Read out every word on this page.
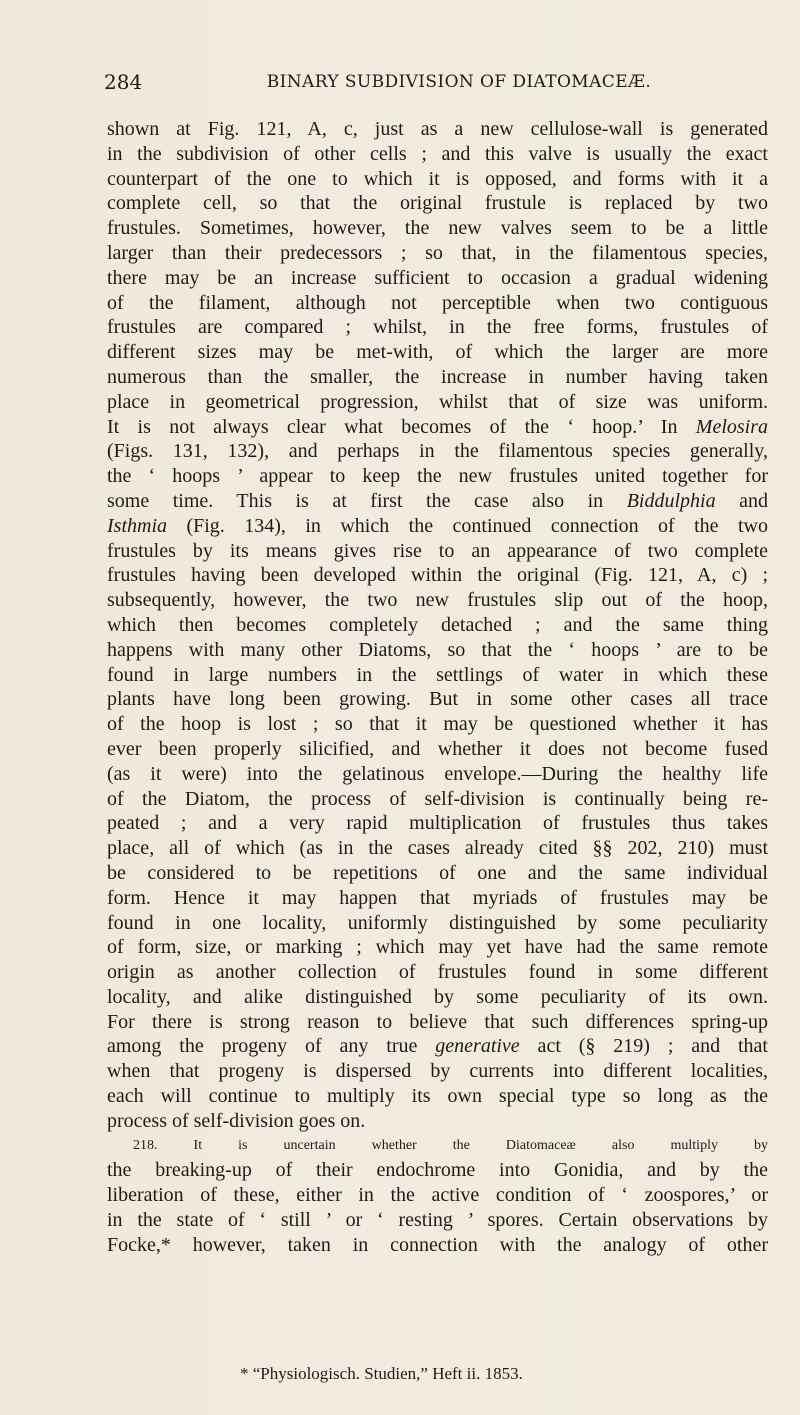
284	BINARY SUBDIVISION OF DIATOMACEÆ.
shown at Fig. 121, A, c, just as a new cellulose-wall is generated
in the subdivision of other cells ; and this valve is usually the exact
counterpart of the one to which it is opposed, and forms with it a
complete cell, so that the original frustule is replaced by two
frustules. Sometimes, however, the new valves seem to be a little
larger than their predecessors ; so that, in the filamentous species,
there may be an increase sufficient to occasion a gradual widening
of the filament, although not perceptible when two contiguous
frustules are compared ; whilst, in the free forms, frustules of
different sizes may be met-with, of which the larger are more
numerous than the smaller, the increase in number having taken
place in geometrical progression, whilst that of size was uniform.
It is not always clear what becomes of the ‘ hoop.’ In Melosira
(Figs. 131, 132), and perhaps in the filamentous species generally,
the ‘ hoops ’ appear to keep the new frustules united together for
some time. This is at first the case also in Biddulphia and
Isthmia (Fig. 134), in which the continued connection of the two
frustules by its means gives rise to an appearance of two complete
frustules having been developed within the original (Fig. 121, A, c) ;
subsequently, however, the two new frustules slip out of the hoop,
which then becomes completely detached ; and the same thing
happens with many other Diatoms, so that the ‘ hoops ’ are to be
found in large numbers in the settlings of water in which these
plants have long been growing. But in some other cases all trace
of the hoop is lost ; so that it may be questioned whether it has
ever been properly silicified, and whether it does not become fused
(as it were) into the gelatinous envelope.—During the healthy life
of the Diatom, the process of self-division is continually being re-
peated ; and a very rapid multiplication of frustules thus takes
place, all of which (as in the cases already cited §§ 202, 210) must
be considered to be repetitions of one and the same individual
form. Hence it may happen that myriads of frustules may be
found in one locality, uniformly distinguished by some peculiarity
of form, size, or marking ; which may yet have had the same remote
origin as another collection of frustules found in some different
locality, and alike distinguished by some peculiarity of its own.
For there is strong reason to believe that such differences spring-up
among the progeny of any true generative act (§ 219) ; and that
when that progeny is dispersed by currents into different localities,
each will continue to multiply its own special type so long as the
process of self-division goes on.
218. It is uncertain whether the Diatomaceæ also multiply by
the breaking-up of their endochrome into Gonidia, and by the
liberation of these, either in the active condition of ‘ zoospores,’ or
in the state of ‘ still ’ or ‘ resting ’ spores. Certain observations by
Focke,* however, taken in connection with the analogy of other
* “Physiologisch. Studien,” Heft ii. 1853.
